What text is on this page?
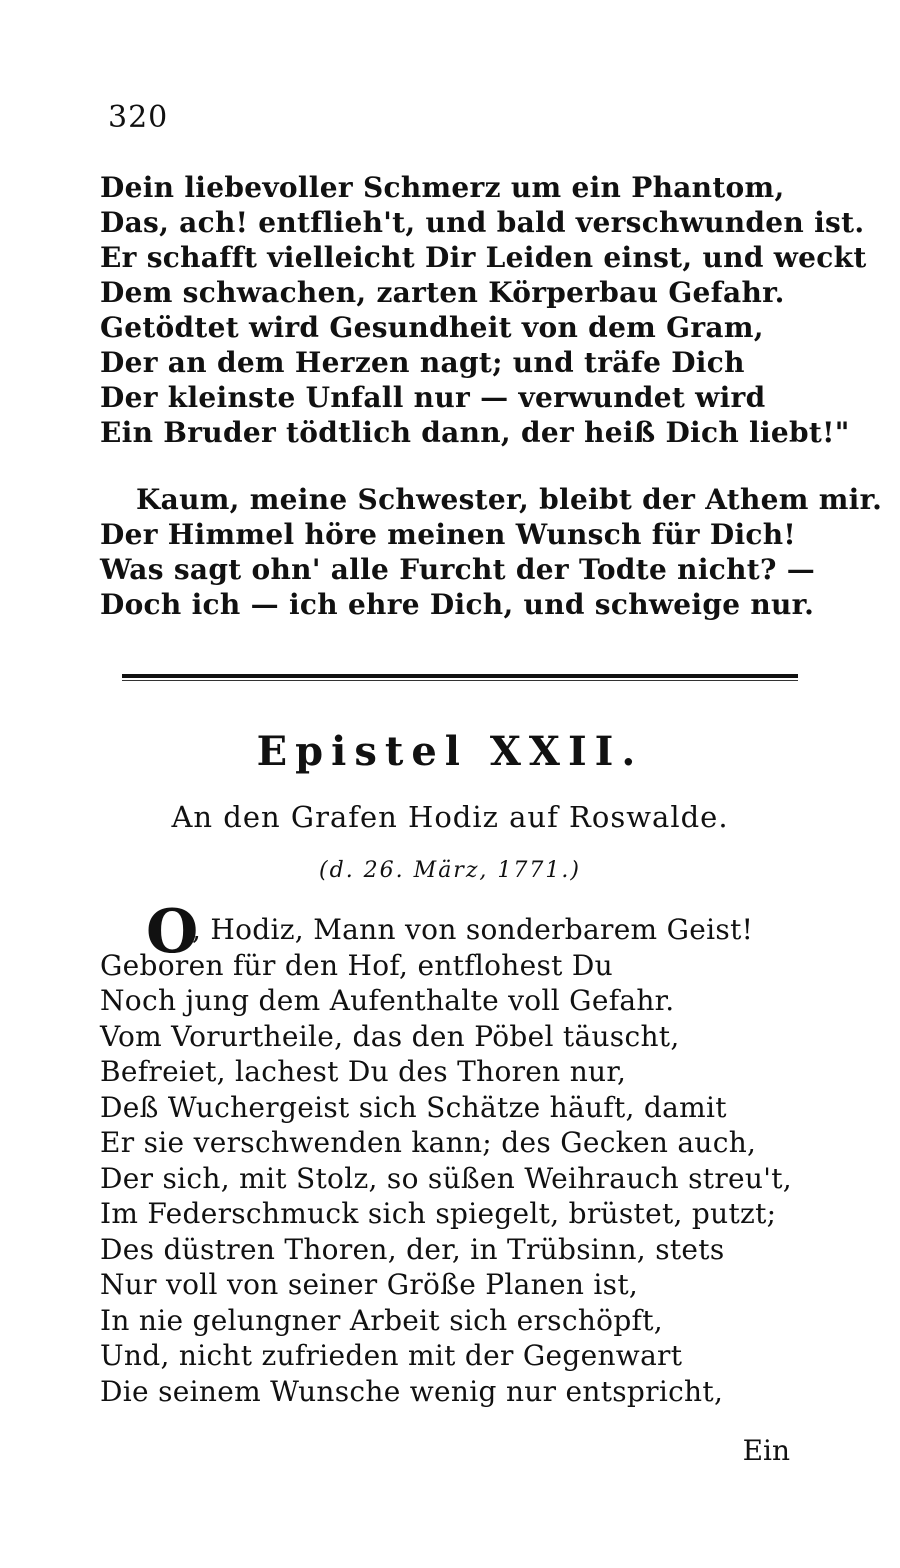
320
Dein liebevoller Schmerz um ein Phantom,
Das, ach! entflieh't, und bald verschwunden ist.
Er schafft vielleicht Dir Leiden einst, und weckt
Dem schwachen, zarten Körperbau Gefahr.
Getödtet wird Gesundheit von dem Gram,
Der an dem Herzen nagt; und träfe Dich
Der kleinste Unfall nur — verwundet wird
Ein Bruder tödtlich dann, der heiß Dich liebt!"
Kaum, meine Schwester, bleibt der Athem mir.
Der Himmel höre meinen Wunsch für Dich!
Was sagt ohn' alle Furcht der Todte nicht? —
Doch ich — ich ehre Dich, und schweige nur.
Epistel XXII.
An den Grafen Hodiz auf Roswalde.
(d. 26. März, 1771.)
O
, Hodiz, Mann von sonderbarem Geist!
Geboren für den Hof, entflohest Du
Noch jung dem Aufenthalte voll Gefahr.
Vom Vorurtheile, das den Pöbel täuscht,
Befreiet, lachest Du des Thoren nur,
Deß Wuchergeist sich Schätze häuft, damit
Er sie verschwenden kann; des Gecken auch,
Der sich, mit Stolz, so süßen Weihrauch streu't,
Im Federschmuck sich spiegelt, brüstet, putzt;
Des düstren Thoren, der, in Trübsinn, stets
Nur voll von seiner Größe Planen ist,
In nie gelungner Arbeit sich erschöpft,
Und, nicht zufrieden mit der Gegenwart
Die seinem Wunsche wenig nur entspricht,
Ein
